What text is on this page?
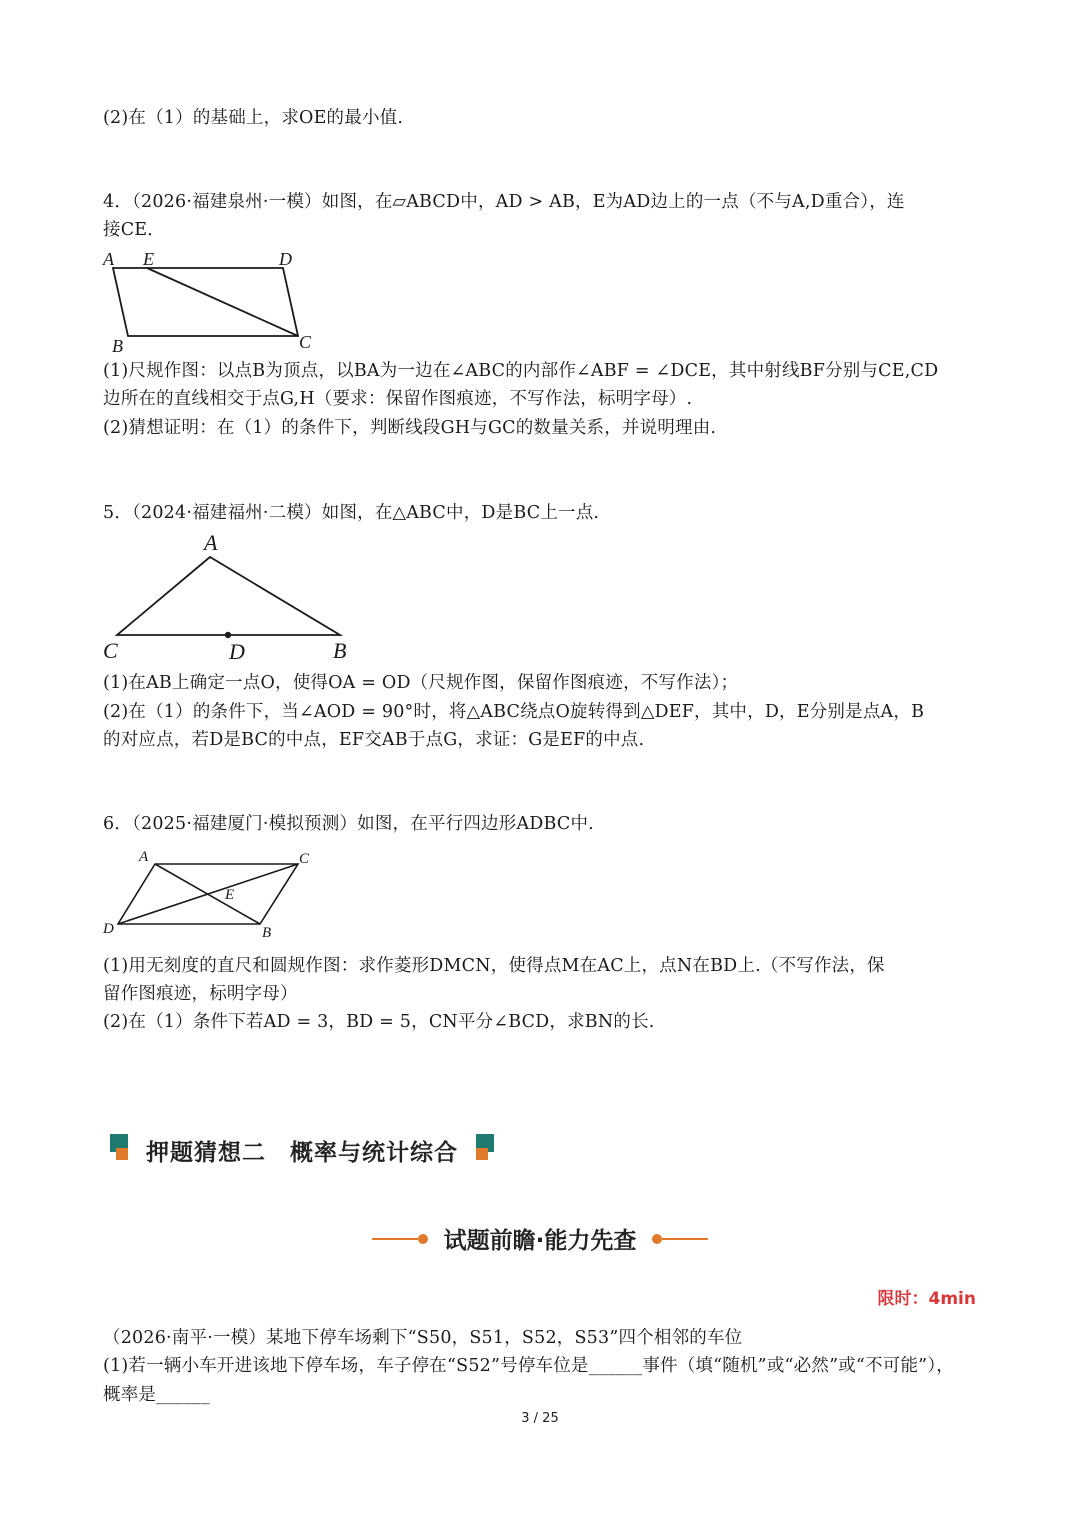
(2)在（1）的基础上，求OE的最小值.
4．（2026·福建泉州·一模）如图，在▱ABCD中，AD > AB，E为AD边上的一点（不与A,D重合），连
接CE．
A E	D
B	C
(1)尺规作图：以点B为顶点，以BA为一边在∠ABC的内部作∠ABF = ∠DCE，其中射线BF分别与CE,CD
边所在的直线相交于点G,H（要求：保留作图痕迹，不写作法，标明字母）.
(2)猜想证明：在（1）的条件下，判断线段GH与GC的数量关系，并说明理由.
5．（2024·福建福州·二模）如图，在△ABC中，D是BC上一点.
A
C	D	B
(1)在AB上确定一点O，使得OA = OD（尺规作图，保留作图痕迹，不写作法）；
(2)在（1）的条件下，当∠AOD = 90°时，将△ABC绕点O旋转得到△DEF，其中，D，E分别是点A，B
的对应点，若D是BC的中点，EF交AB于点G，求证：G是EF的中点.
6．（2025·福建厦门·模拟预测）如图，在平行四边形ADBC中.
A	C
E
D	B
(1)用无刻度的直尺和圆规作图：求作菱形DMCN，使得点M在AC上，点N在BD上.（不写作法，保
留作图痕迹，标明字母）
(2)在（1）条件下若AD = 3，BD = 5，CN平分∠BCD，求BN的长.
押题猜想二　概率与统计综合
试题前瞻·能力先查
限时：4min
（2026·南平·一模）某地下停车场剩下“S50，S51，S52，S53”四个相邻的车位
(1)若一辆小车开进该地下停车场，车子停在“S52”号停车位是______事件（填“随机”或“必然”或“不可能”），
概率是______
3 / 25
